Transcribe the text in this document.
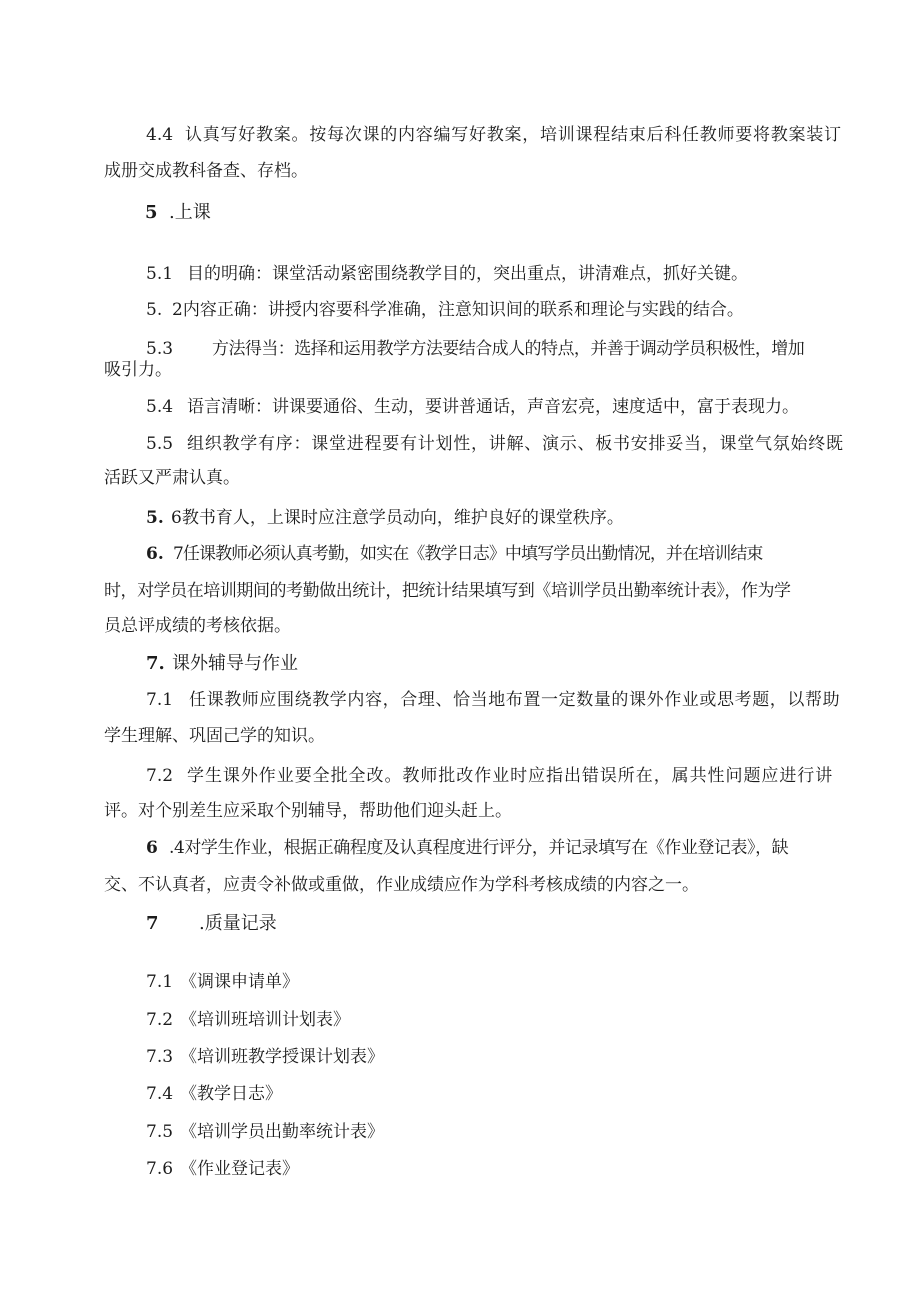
4.4 认真写好教案。按每次课的内容编写好教案，培训课程结束后科任教师要将教案装订
成册交成教科备查、存档。
5 .上课
5.1 目的明确：课堂活动紧密围绕教学目的，突出重点，讲清难点，抓好关键。
5. 2内容正确：讲授内容要科学准确，注意知识间的联系和理论与实践的结合。
5.3 方法得当：选择和运用教学方法要结合成人的特点，并善于调动学员积极性，增加
吸引力。
5.4 语言清晰：讲课要通俗、生动，要讲普通话，声音宏亮，速度适中，富于表现力。
5.5 组织教学有序：课堂进程要有计划性，讲解、演示、板书安排妥当，课堂气氛始终既
活跃又严肃认真。
5. 6教书育人，上课时应注意学员动向，维护良好的课堂秩序。
6. 7任课教师必须认真考勤，如实在《教学日志》中填写学员出勤情况，并在培训结束
时，对学员在培训期间的考勤做出统计，把统计结果填写到《培训学员出勤率统计表》，作为学
员总评成绩的考核依据。
7. 课外辅导与作业
7.1 任课教师应围绕教学内容，合理、恰当地布置一定数量的课外作业或思考题，以帮助
学生理解、巩固己学的知识。
7.2 学生课外作业要全批全改。教师批改作业时应指出错误所在，属共性问题应进行讲
评。对个别差生应采取个别辅导，帮助他们迎头赶上。
6 .4对学生作业，根据正确程度及认真程度进行评分，并记录填写在《作业登记表》，缺
交、不认真者，应责令补做或重做，作业成绩应作为学科考核成绩的内容之一。
7 .质量记录
7.1 《调课申请单》
7.2 《培训班培训计划表》
7.3 《培训班教学授课计划表》
7.4 《教学日志》
7.5 《培训学员出勤率统计表》
7.6 《作业登记表》
